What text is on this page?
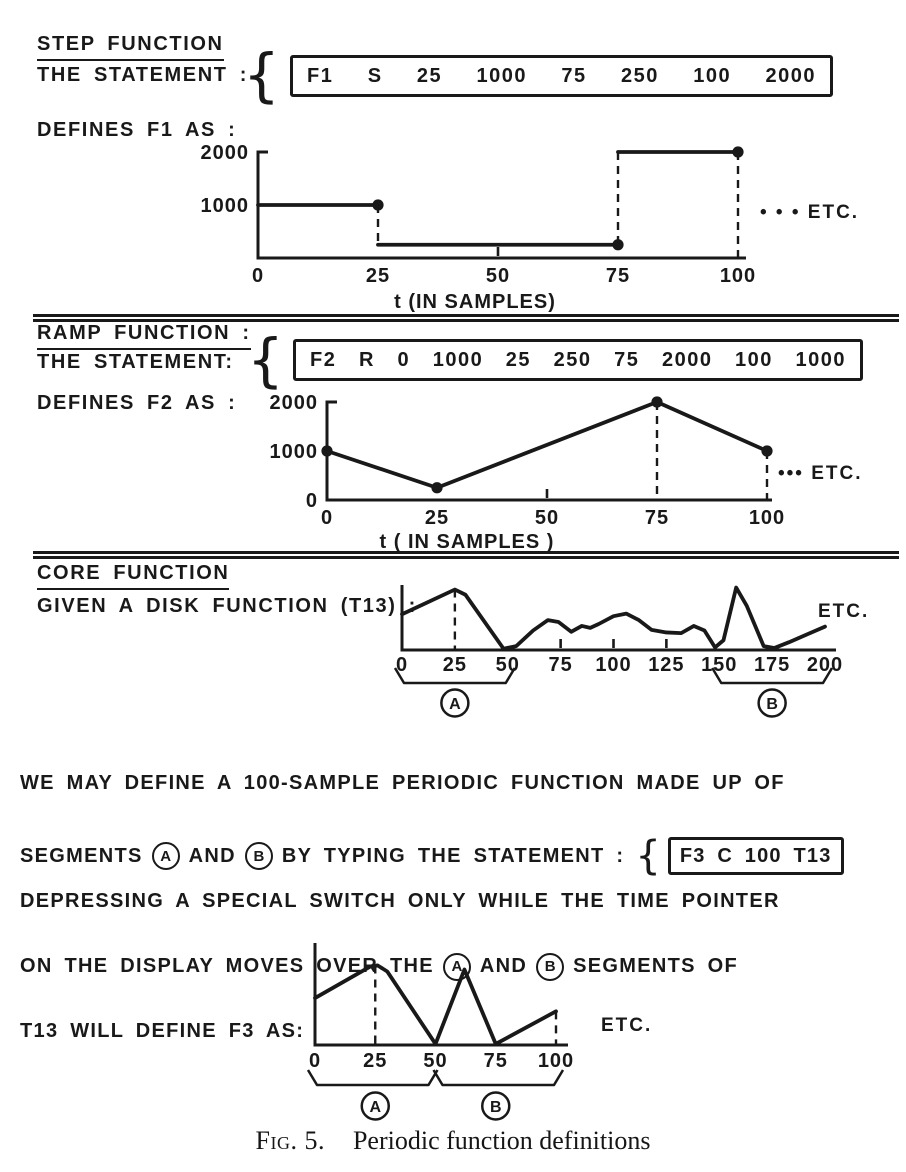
STEP FUNCTION
THE STATEMENT :
{	F1 S 25 1000 75 250 100 2000
DEFINES F1 AS :
0	25	50	75	100
1000
2000
• • • ETC.
t (IN SAMPLES)
RAMP FUNCTION :
THE STATEMENT: {	F2 R 0 1000 25 250 75 2000 100 1000
DEFINES F2 AS :
0	25	50	75	100
0
1000
2000
••• ETC.
t ( IN SAMPLES )
CORE FUNCTION
GIVEN A DISK FUNCTION (T13) :
0 25 50 75 100 125 150 175 200
A	B
ETC.

WE MAY DEFINE A 100-SAMPLE PERIODIC FUNCTION MADE UP OF

SEGMENTS	A AND	B BY TYPING THE STATEMENT : { F3 C 100 T13

DEPRESSING A SPECIAL SWITCH ONLY WHILE THE TIME POINTER

ON THE DISPLAY MOVES OVER THE	A AND	B SEGMENTS OF

T13 WILL DEFINE F3 AS:

0 25 50 75 100
A	B
ETC.
Fig. 5. Periodic function definitions
